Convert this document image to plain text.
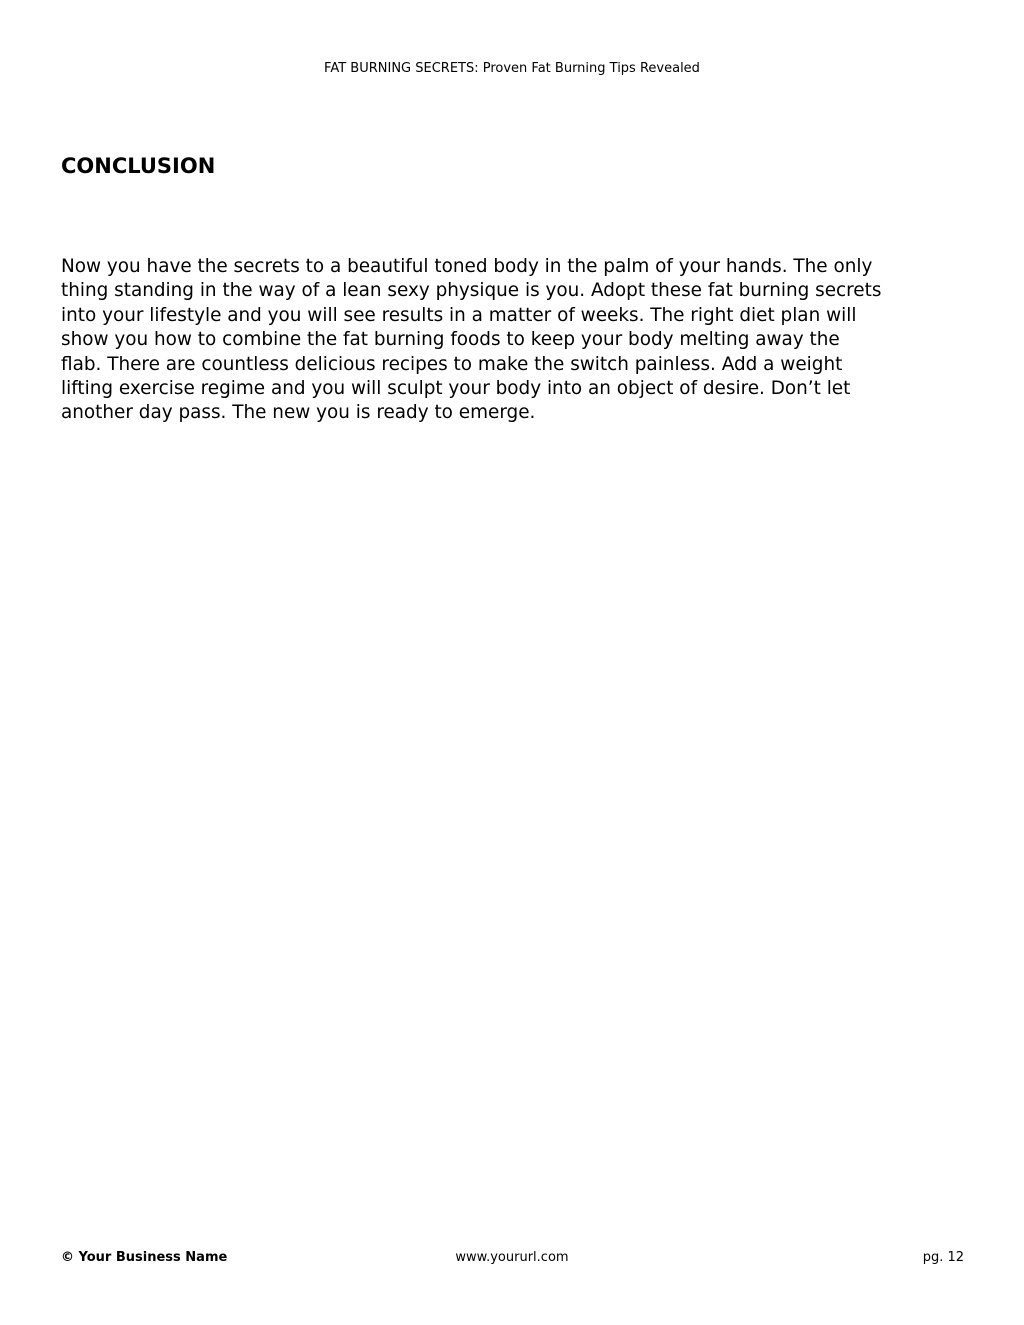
FAT BURNING SECRETS: Proven Fat Burning Tips Revealed
CONCLUSION

Now you have the secrets to a beautiful toned body in the palm of your hands. The only
thing standing in the way of a lean sexy physique is you. Adopt these fat burning secrets
into your lifestyle and you will see results in a matter of weeks. The right diet plan will
show you how to combine the fat burning foods to keep your body melting away the
flab. There are countless delicious recipes to make the switch painless. Add a weight
lifting exercise regime and you will sculpt your body into an object of desire. Don’t let
another day pass. The new you is ready to emerge.

www.yoururl.com
© Your Business Name	pg. 12
